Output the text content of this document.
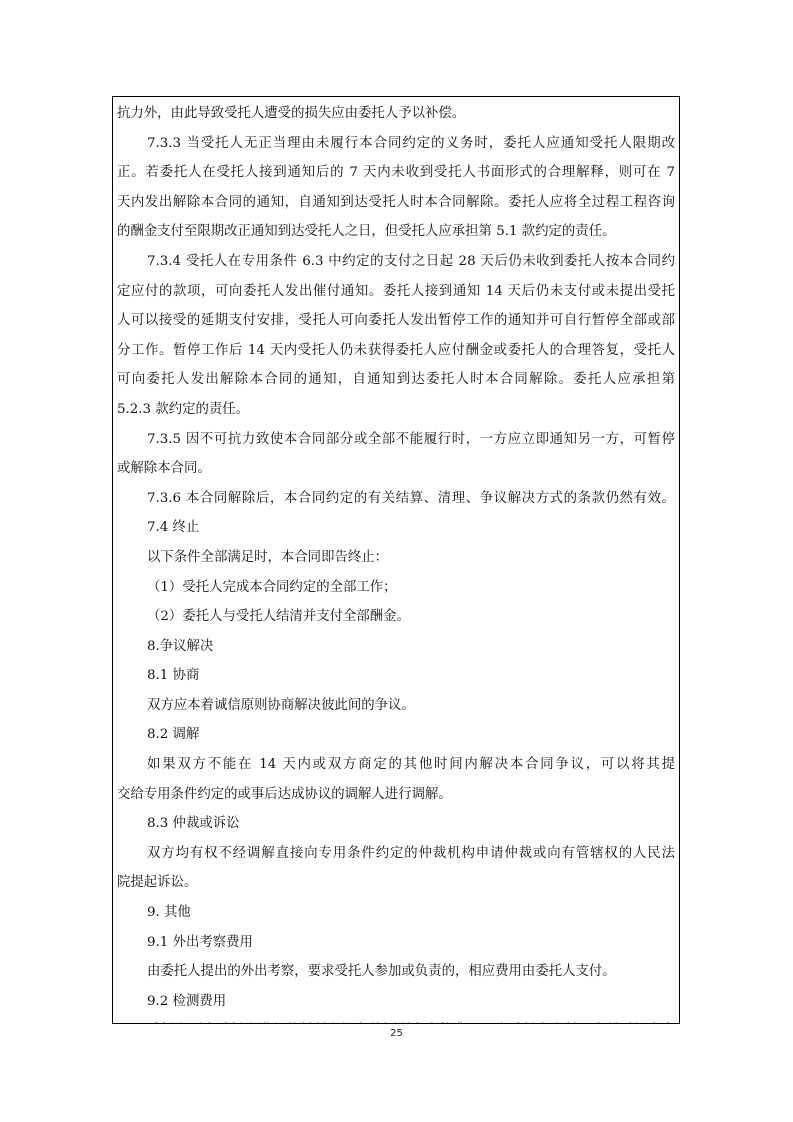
抗力外，由此导致受托人遭受的损失应由委托人予以补偿。
7.3.3 当受托人无正当理由未履行本合同约定的义务时，委托人应通知受托人限期改
正。若委托人在受托人接到通知后的 7 天内未收到受托人书面形式的合理解释，则可在 7
天内发出解除本合同的通知，自通知到达受托人时本合同解除。委托人应将全过程工程咨询
的酬金支付至限期改正通知到达受托人之日，但受托人应承担第 5.1 款约定的责任。
7.3.4 受托人在专用条件 6.3 中约定的支付之日起 28 天后仍未收到委托人按本合同约
定应付的款项，可向委托人发出催付通知。委托人接到通知 14 天后仍未支付或未提出受托
人可以接受的延期支付安排，受托人可向委托人发出暂停工作的通知并可自行暂停全部或部
分工作。暂停工作后 14 天内受托人仍未获得委托人应付酬金或委托人的合理答复，受托人
可向委托人发出解除本合同的通知，自通知到达委托人时本合同解除。委托人应承担第
5.2.3 款约定的责任。
7.3.5 因不可抗力致使本合同部分或全部不能履行时，一方应立即通知另一方，可暂停
或解除本合同。
7.3.6 本合同解除后，本合同约定的有关结算、清理、争议解决方式的条款仍然有效。
7.4 终止
以下条件全部满足时，本合同即告终止：
（1）受托人完成本合同约定的全部工作；
（2）委托人与受托人结清并支付全部酬金。
8.争议解决
8.1 协商
双方应本着诚信原则协商解决彼此间的争议。
8.2 调解
如果双方不能在 14 天内或双方商定的其他时间内解决本合同争议，可以将其提
交给专用条件约定的或事后达成协议的调解人进行调解。
8.3 仲裁或诉讼
双方均有权不经调解直接向专用条件约定的仲裁机构申请仲裁或向有管辖权的人民法
院提起诉讼。
9. 其他
9.1 外出考察费用
由委托人提出的外出考察，要求受托人参加或负责的，相应费用由委托人支付。
9.2 检测费用
25
